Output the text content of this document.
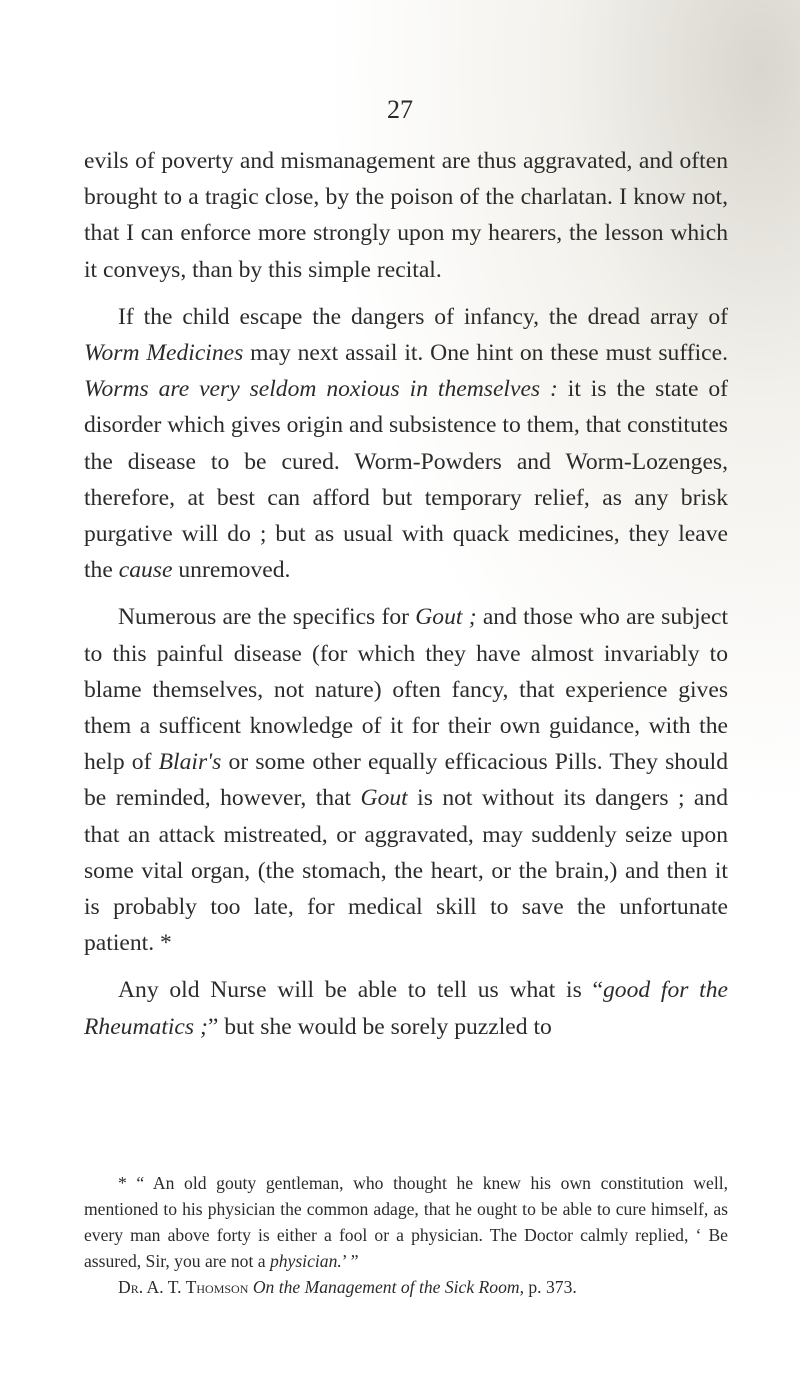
27

evils of poverty and mismanagement are thus aggravated, and often brought to a tragic close, by the poison of the charlatan. I know not, that I can enforce more strongly upon my hearers, the lesson which it conveys, than by this simple recital.

If the child escape the dangers of infancy, the dread array of Worm Medicines may next assail it. One hint on these must suffice. Worms are very seldom noxious in themselves : it is the state of disorder which gives origin and subsistence to them, that constitutes the disease to be cured. Worm-Powders and Worm-Lozenges, therefore, at best can afford but temporary relief, as any brisk purgative will do ; but as usual with quack medicines, they leave the cause unremoved.

Numerous are the specifics for Gout ; and those who are subject to this painful disease (for which they have almost invariably to blame themselves, not nature) often fancy, that experience gives them a sufficent knowledge of it for their own guidance, with the help of Blair's or some other equally efficacious Pills. They should be reminded, however, that Gout is not without its dangers ; and that an attack mistreated, or aggravated, may suddenly seize upon some vital organ, (the stomach, the heart, or the brain,) and then it is probably too late, for medical skill to save the unfortunate patient. *

Any old Nurse will be able to tell us what is “good for the Rheumatics ;” but she would be sorely puzzled to

* “ An old gouty gentleman, who thought he knew his own constitution well, mentioned to his physician the common adage, that he ought to be able to cure himself, as every man above forty is either a fool or a physician. The Doctor calmly replied, ‘ Be assured, Sir, you are not a physician.’ ”

Dr. A. T. Thomson On the Management of the Sick Room, p. 373.
